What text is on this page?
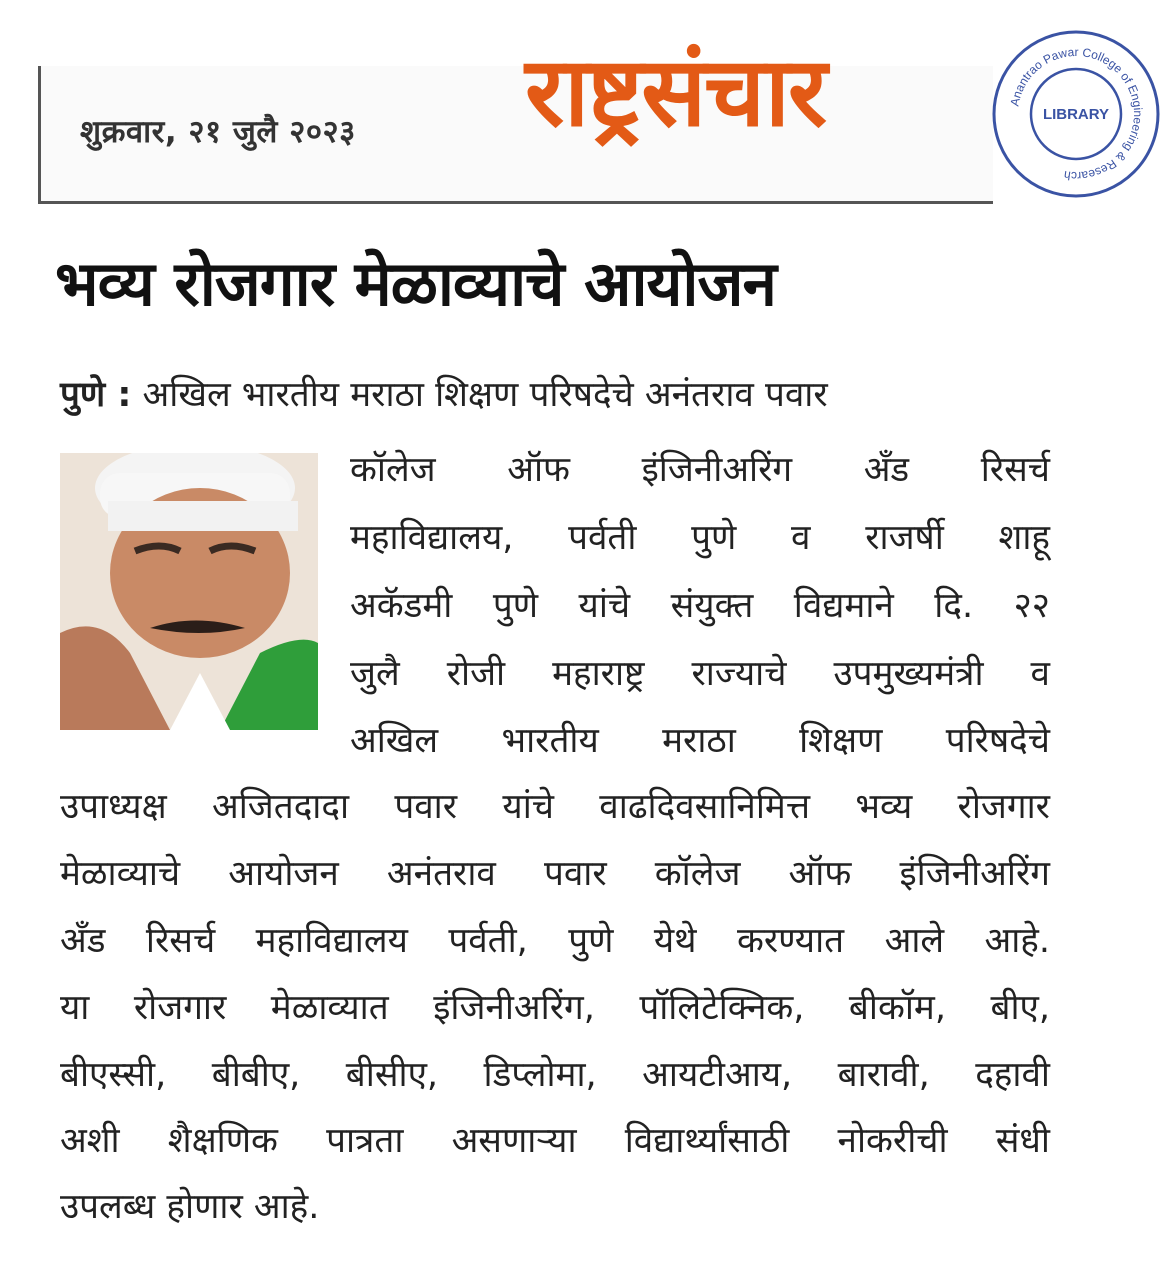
शुक्रवार, २१ जुलै २०२३ राष्ट्रसंचार	Anantrao Pawar College of Engineering & Research
LIBRARY
भव्य रोजगार मेळाव्याचे आयोजन
पुणे : अखिल भारतीय मराठा शिक्षण परिषदेचे अनंतराव पवार
कॉलेज ऑफ इंजिनीअरिंग अँड रिसर्च
महाविद्यालय, पर्वती पुणे व राजर्षी शाहू
अकॅडमी पुणे यांचे संयुक्त विद्यमाने दि. २२
जुलै रोजी महाराष्ट्र राज्याचे उपमुख्यमंत्री व
अखिल भारतीय मराठा शिक्षण परिषदेचे
उपाध्यक्ष अजितदादा पवार यांचे वाढदिवसानिमित्त भव्य रोजगार
मेळाव्याचे आयोजन अनंतराव पवार कॉलेज ऑफ इंजिनीअरिंग
अँड रिसर्च महाविद्यालय पर्वती, पुणे येथे करण्यात आले आहे.
या रोजगार मेळाव्यात इंजिनीअरिंग, पॉलिटेक्निक, बीकॉम, बीए,
बीएस्सी, बीबीए, बीसीए, डिप्लोमा, आयटीआय, बारावी, दहावी
अशी शैक्षणिक पात्रता असणाऱ्या विद्यार्थ्यांसाठी नोकरीची संधी
उपलब्ध होणार आहे.
